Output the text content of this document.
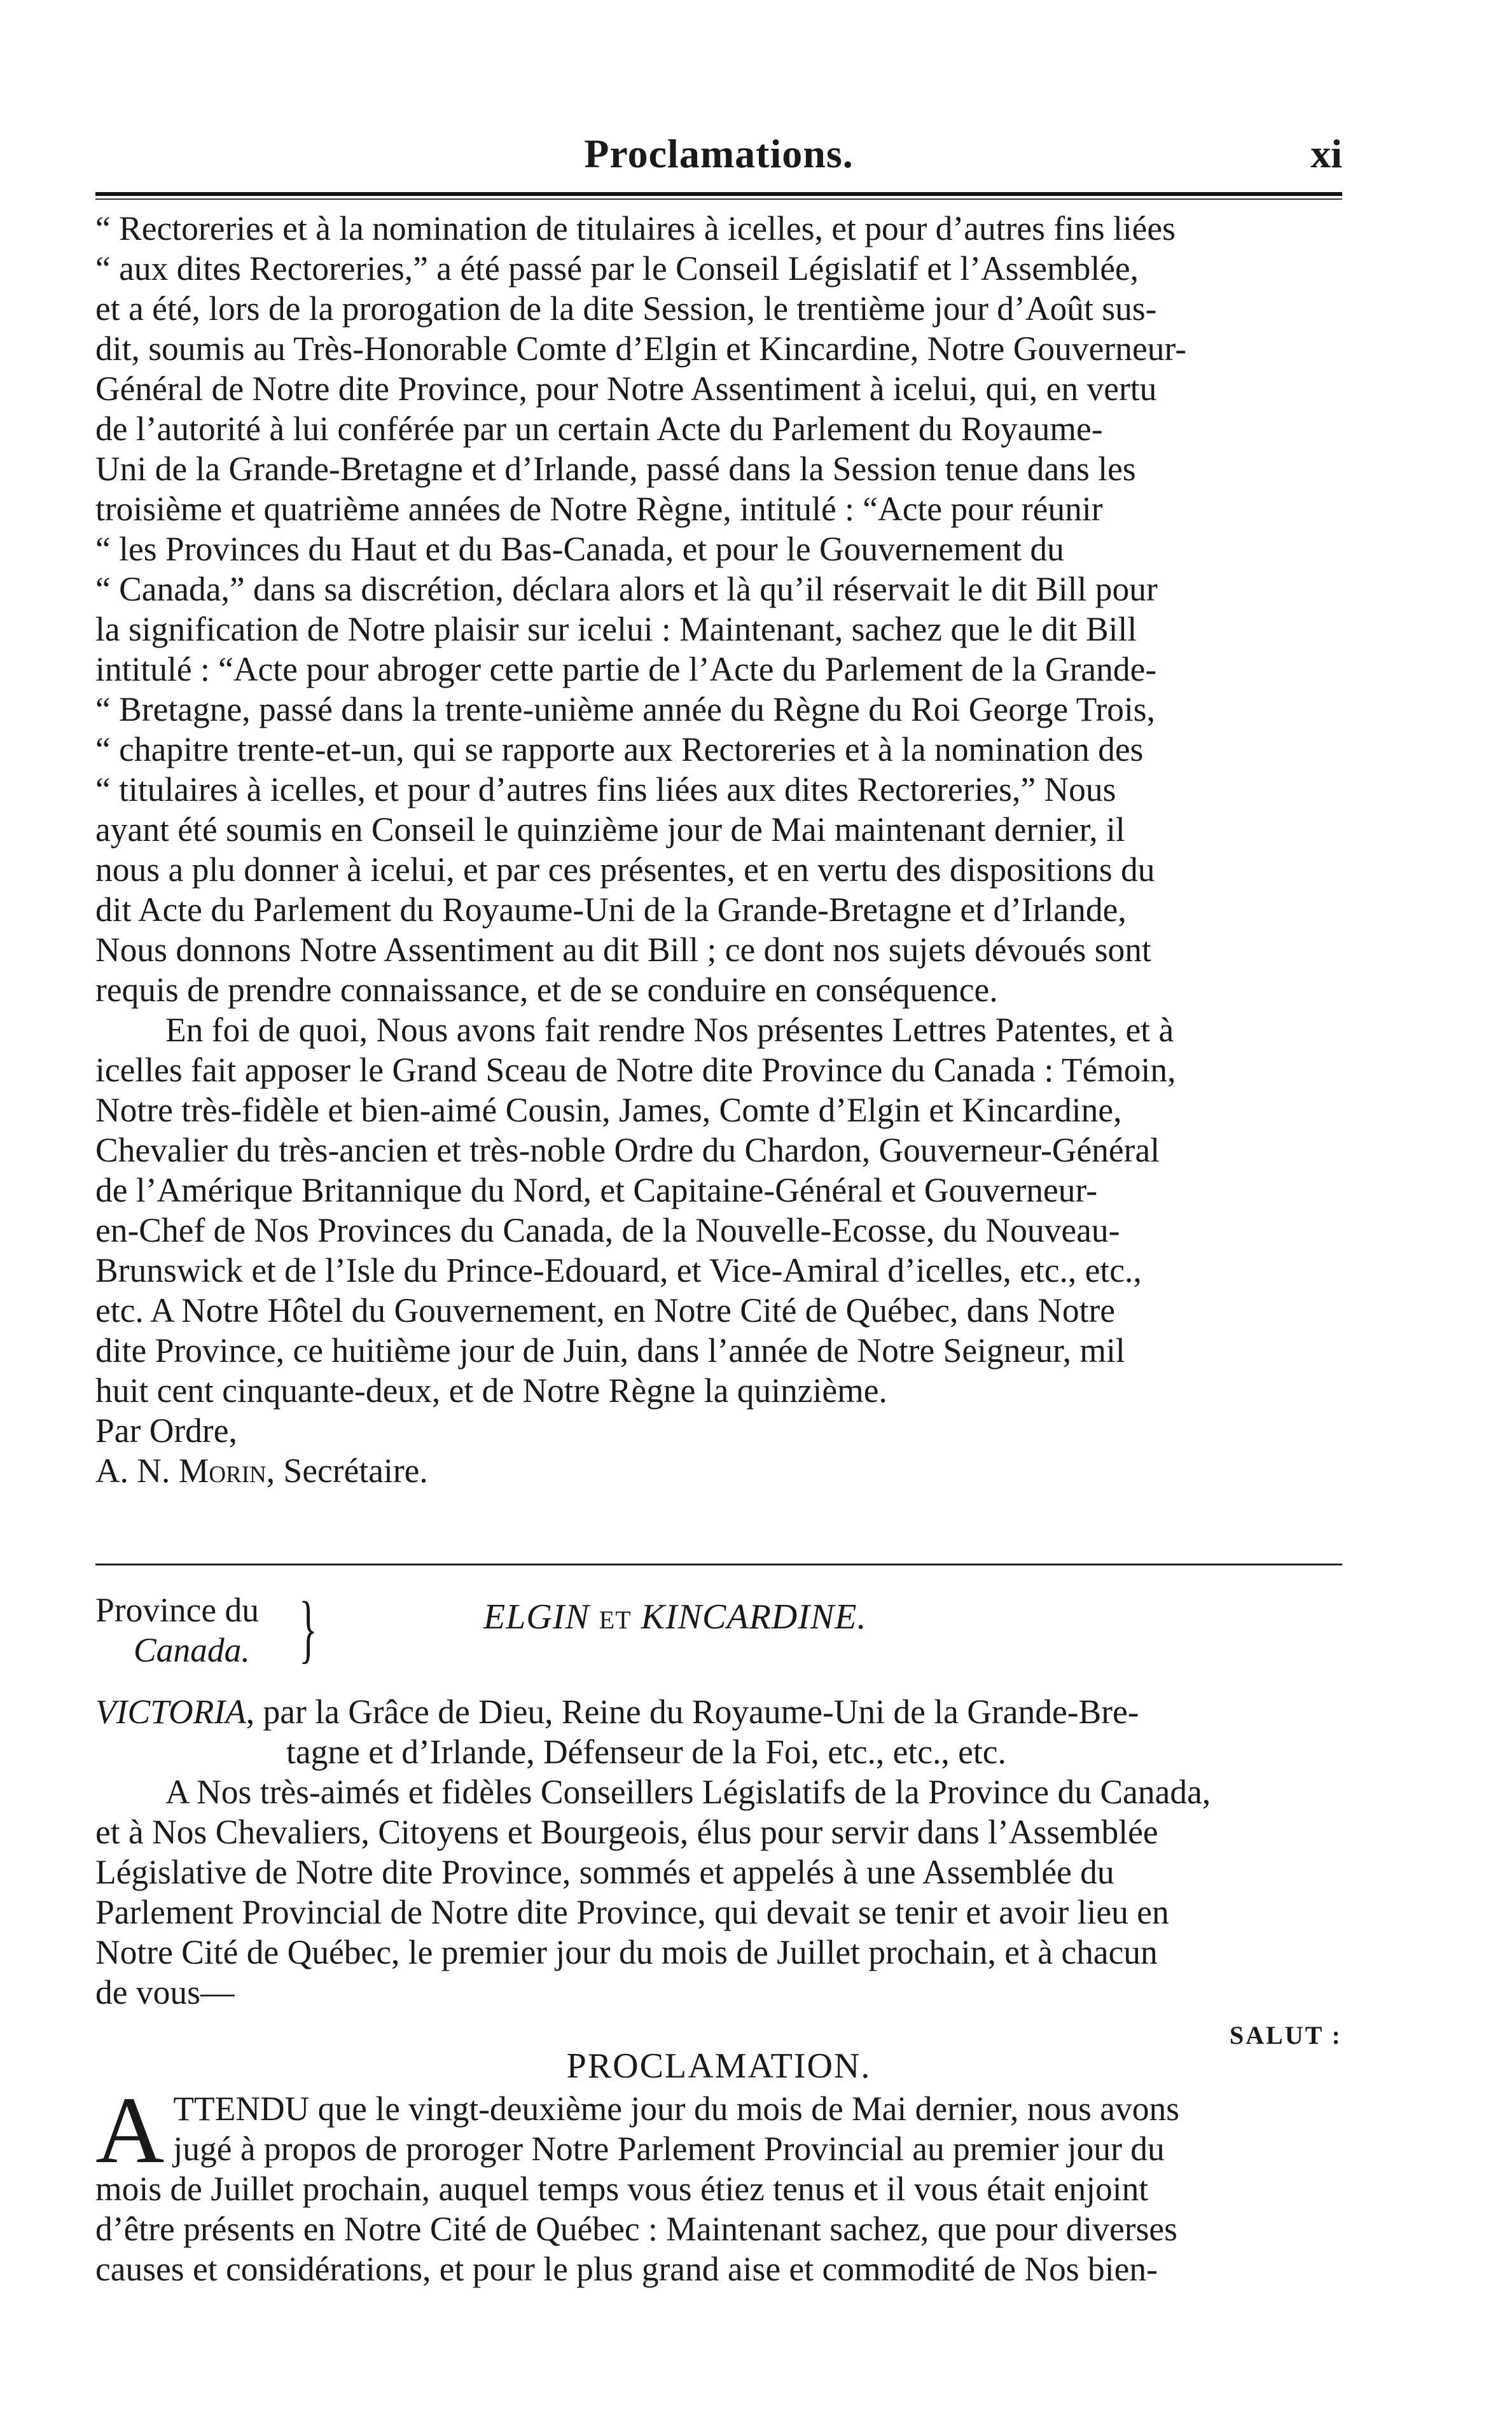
Proclamations.	xi
“ Rectoreries et à la nomination de titulaires à icelles, et pour d’autres fins liées
“ aux dites Rectoreries,” a été passé par le Conseil Législatif et l’Assemblée,
et a été, lors de la prorogation de la dite Session, le trentième jour d’Août sus-
dit, soumis au Très-Honorable Comte d’Elgin et Kincardine, Notre Gouverneur-
Général de Notre dite Province, pour Notre Assentiment à icelui, qui, en vertu
de l’autorité à lui conférée par un certain Acte du Parlement du Royaume-
Uni de la Grande-Bretagne et d’Irlande, passé dans la Session tenue dans les
troisième et quatrième années de Notre Règne, intitulé : “Acte pour réunir
“ les Provinces du Haut et du Bas-Canada, et pour le Gouvernement du
“ Canada,” dans sa discrétion, déclara alors et là qu’il réservait le dit Bill pour
la signification de Notre plaisir sur icelui : Maintenant, sachez que le dit Bill
intitulé : “Acte pour abroger cette partie de l’Acte du Parlement de la Grande-
“ Bretagne, passé dans la trente-unième année du Règne du Roi George Trois,
“ chapitre trente-et-un, qui se rapporte aux Rectoreries et à la nomination des
“ titulaires à icelles, et pour d’autres fins liées aux dites Rectoreries,” Nous
ayant été soumis en Conseil le quinzième jour de Mai maintenant dernier, il
nous a plu donner à icelui, et par ces présentes, et en vertu des dispositions du
dit Acte du Parlement du Royaume-Uni de la Grande-Bretagne et d’Irlande,
Nous donnons Notre Assentiment au dit Bill ; ce dont nos sujets dévoués sont
requis de prendre connaissance, et de se conduire en conséquence.
En foi de quoi, Nous avons fait rendre Nos présentes Lettres Patentes, et à
icelles fait apposer le Grand Sceau de Notre dite Province du Canada : Témoin,
Notre très-fidèle et bien-aimé Cousin, James, Comte d’Elgin et Kincardine,
Chevalier du très-ancien et très-noble Ordre du Chardon, Gouverneur-Général
de l’Amérique Britannique du Nord, et Capitaine-Général et Gouverneur-
en-Chef de Nos Provinces du Canada, de la Nouvelle-Ecosse, du Nouveau-
Brunswick et de l’Isle du Prince-Edouard, et Vice-Amiral d’icelles, etc., etc.,
etc. A Notre Hôtel du Gouvernement, en Notre Cité de Québec, dans Notre
dite Province, ce huitième jour de Juin, dans l’année de Notre Seigneur, mil
huit cent cinquante-deux, et de Notre Règne la quinzième.
Par Ordre,
A. N. Morin, Secrétaire.
Province du
Canada. }	ELGIN ET KINCARDINE.
VICTORIA, par la Grâce de Dieu, Reine du Royaume-Uni de la Grande-Bre-
tagne et d’Irlande, Défenseur de la Foi, etc., etc., etc.
A Nos très-aimés et fidèles Conseillers Législatifs de la Province du Canada,
et à Nos Chevaliers, Citoyens et Bourgeois, élus pour servir dans l’Assemblée
Législative de Notre dite Province, sommés et appelés à une Assemblée du
Parlement Provincial de Notre dite Province, qui devait se tenir et avoir lieu en
Notre Cité de Québec, le premier jour du mois de Juillet prochain, et à chacun
de vous—
SALUT :
PROCLAMATION.
A TTENDU que le vingt-deuxième jour du mois de Mai dernier, nous avons
jugé à propos de proroger Notre Parlement Provincial au premier jour du
mois de Juillet prochain, auquel temps vous étiez tenus et il vous était enjoint
d’être présents en Notre Cité de Québec : Maintenant sachez, que pour diverses
causes et considérations, et pour le plus grand aise et commodité de Nos bien-
